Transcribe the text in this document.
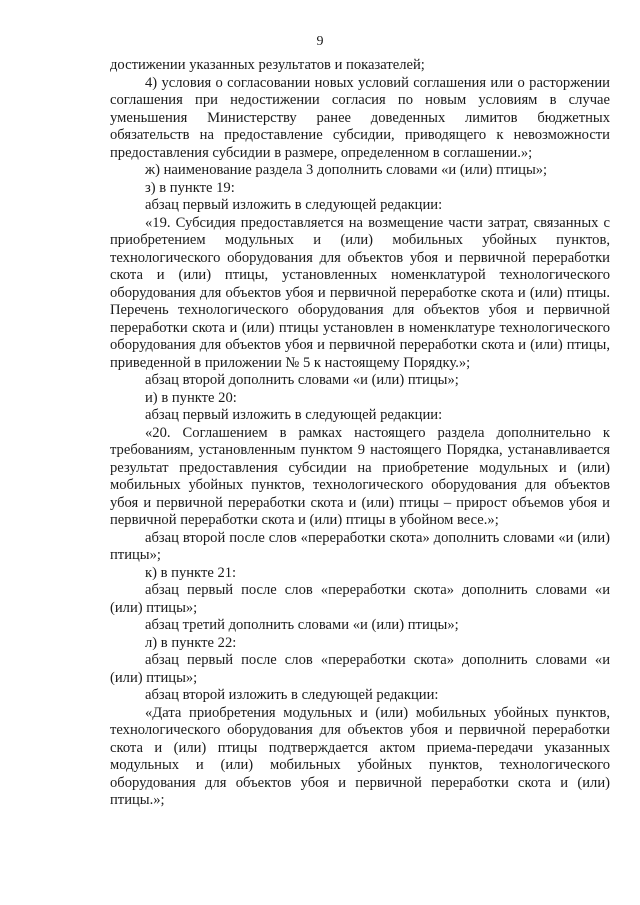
9

достижении указанных результатов и показателей;

4) условия о согласовании новых условий соглашения или о расторжении соглашения при недостижении согласия по новым условиям в случае уменьшения Министерству ранее доведенных лимитов бюджетных обязательств на предоставление субсидии, приводящего к невозможности предоставления субсидии в размере, определенном в соглашении.»;

ж) наименование раздела 3 дополнить словами «и (или) птицы»;

з) в пункте 19:

абзац первый изложить в следующей редакции:

«19. Субсидия предоставляется на возмещение части затрат, связанных с приобретением модульных и (или) мобильных убойных пунктов, технологического оборудования для объектов убоя и первичной переработки скота и (или) птицы, установленных номенклатурой технологического оборудования для объектов убоя и первичной переработке скота и (или) птицы. Перечень технологического оборудования для объектов убоя и первичной переработки скота и (или) птицы установлен в номенклатуре технологического оборудования для объектов убоя и первичной переработки скота и (или) птицы, приведенной в приложении № 5 к настоящему Порядку.»;

абзац второй дополнить словами «и (или) птицы»;

и) в пункте 20:

абзац первый изложить в следующей редакции:

«20. Соглашением в рамках настоящего раздела дополнительно к требованиям, установленным пунктом 9 настоящего Порядка, устанавливается результат предоставления субсидии на приобретение модульных и (или) мобильных убойных пунктов, технологического оборудования для объектов убоя и первичной переработки скота и (или) птицы – прирост объемов убоя и первичной переработки скота и (или) птицы в убойном весе.»;

абзац второй после слов «переработки скота» дополнить словами «и (или) птицы»;

к) в пункте 21:

абзац первый после слов «переработки скота» дополнить словами «и (или) птицы»;

абзац третий дополнить словами «и (или) птицы»;

л) в пункте 22:

абзац первый после слов «переработки скота» дополнить словами «и (или) птицы»;

абзац второй изложить в следующей редакции:

«Дата приобретения модульных и (или) мобильных убойных пунктов, технологического оборудования для объектов убоя и первичной переработки скота и (или) птицы подтверждается актом приема-передачи указанных модульных и (или) мобильных убойных пунктов, технологического оборудования для объектов убоя и первичной переработки скота и (или) птицы.»;
